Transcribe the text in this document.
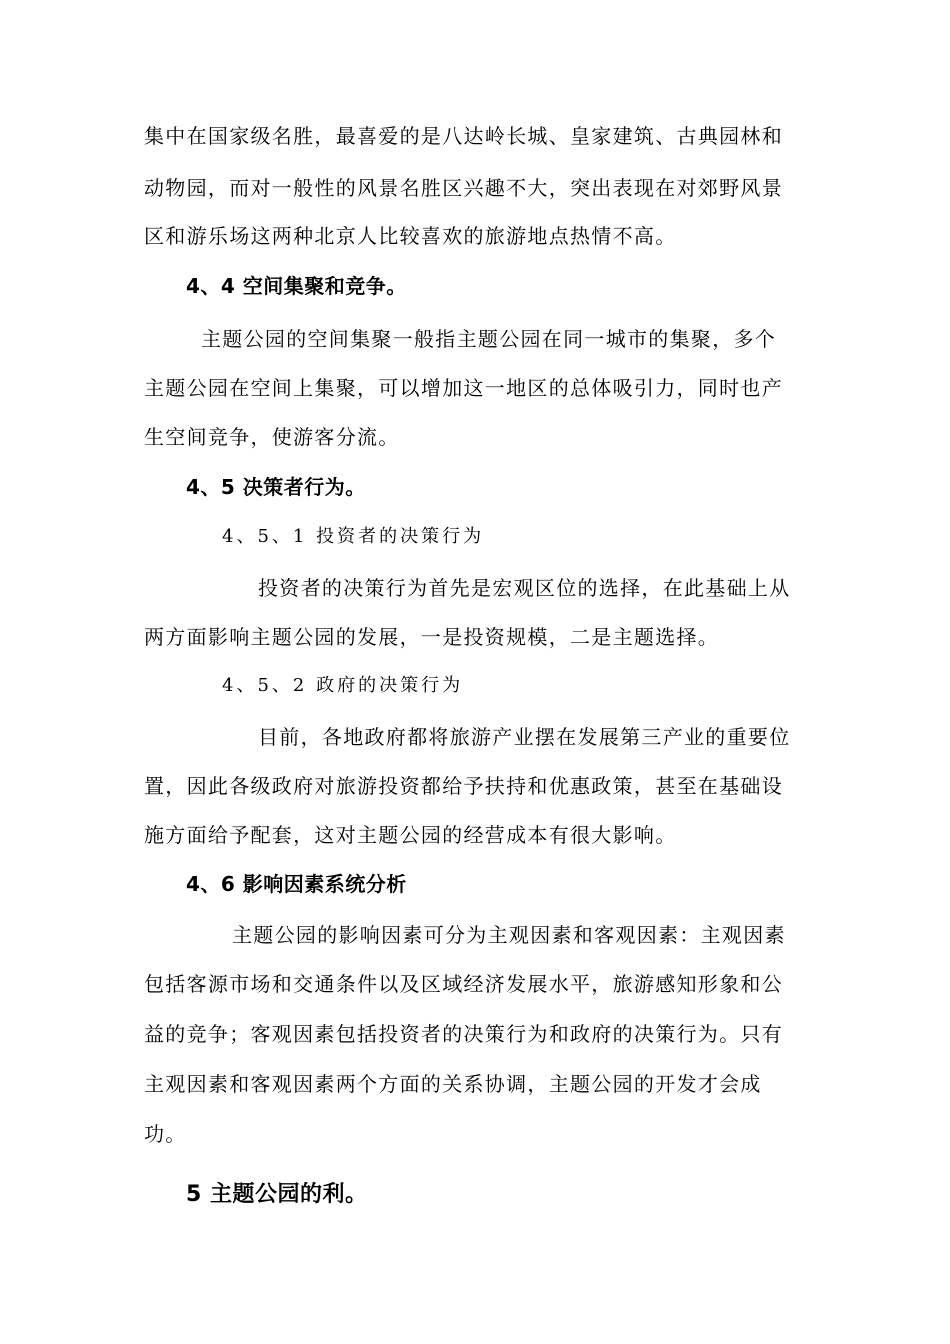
集中在国家级名胜，最喜爱的是八达岭长城、皇家建筑、古典园林和
动物园，而对一般性的风景名胜区兴趣不大，突出表现在对郊野风景
区和游乐场这两种北京人比较喜欢的旅游地点热情不高。
4、4 空间集聚和竞争。
主题公园的空间集聚一般指主题公园在同一城市的集聚，多个
主题公园在空间上集聚，可以增加这一地区的总体吸引力，同时也产
生空间竞争，使游客分流。
4、5 决策者行为。
4、5、1 投资者的决策行为
投资者的决策行为首先是宏观区位的选择，在此基础上从
两方面影响主题公园的发展，一是投资规模，二是主题选择。
4、5、2 政府的决策行为
目前，各地政府都将旅游产业摆在发展第三产业的重要位
置，因此各级政府对旅游投资都给予扶持和优惠政策，甚至在基础设
施方面给予配套，这对主题公园的经营成本有很大影响。
4、6 影响因素系统分析
主题公园的影响因素可分为主观因素和客观因素：主观因素
包括客源市场和交通条件以及区域经济发展水平，旅游感知形象和公
益的竞争；客观因素包括投资者的决策行为和政府的决策行为。只有
主观因素和客观因素两个方面的关系协调，主题公园的开发才会成
功。
5 主题公园的利。
